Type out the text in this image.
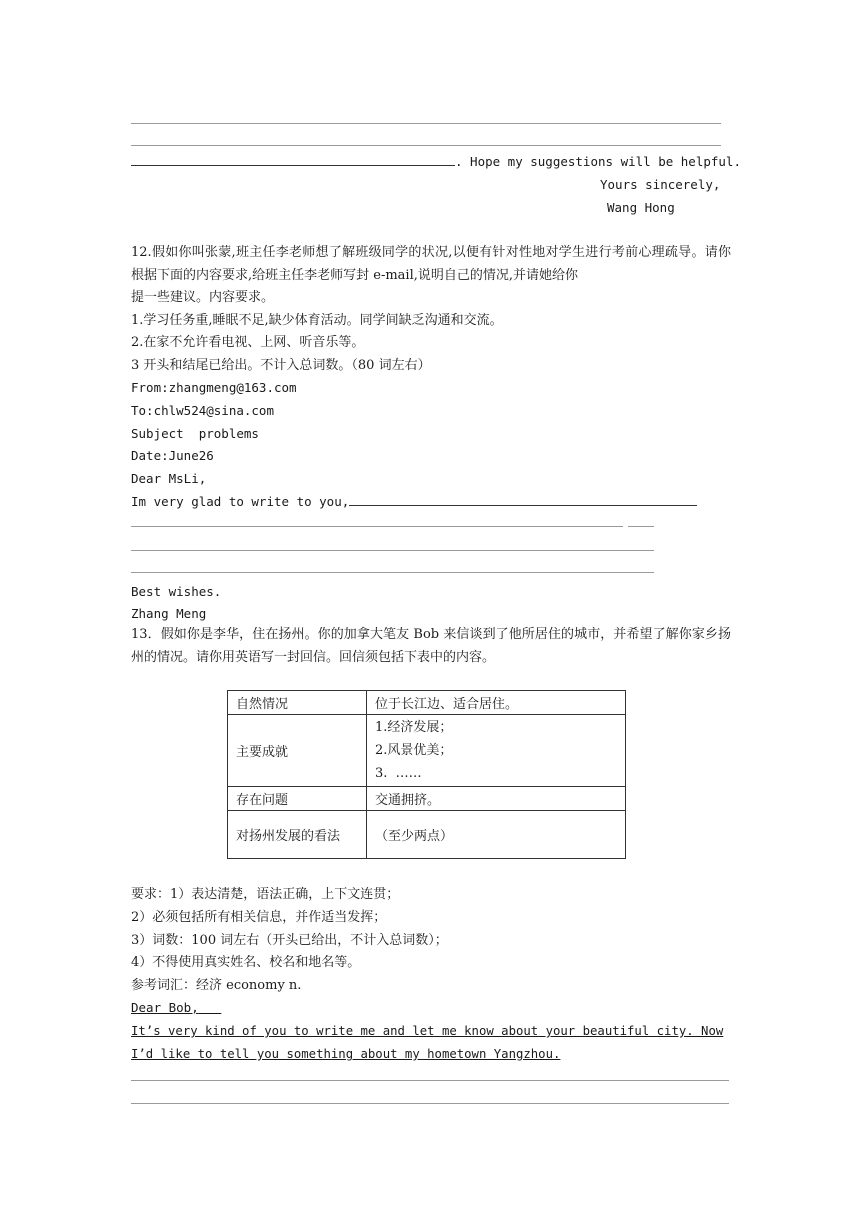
. Hope my suggestions will be helpful.
Yours sincerely,
Wang Hong
12.假如你叫张蒙,班主任李老师想了解班级同学的状况,以便有针对性地对学生进行考前心理疏导。请你根据下面的内容要求,给班主任李老师写封 e-mail,说明自己的情况,并请她给你
提一些建议。内容要求。
1.学习任务重,睡眠不足,缺少体育活动。同学间缺乏沟通和交流。
2.在家不允许看电视、上网、听音乐等。
3 开头和结尾已给出。不计入总词数。（80 词左右）
From:zhangmeng@163.com
To:chlw524@sina.com
Subject  problems
Date:June26
Dear MsLi,
Im very glad to write to you,
Best wishes.
Zhang Meng
13．假如你是李华，住在扬州。你的加拿大笔友 Bob 来信谈到了他所居住的城市，并希望了解你家乡扬州的情况。请你用英语写一封回信。回信须包括下表中的内容。
自然情况	位于长江边、适合居住。
主要成就	1.经济发展；
2.风景优美；
3.  ……

存在问题	交通拥挤。
对扬州发展的看法	（至少两点）
要求：1）表达清楚，语法正确，上下文连贯；
2）必须包括所有相关信息，并作适当发挥；
3）词数：100 词左右（开头已给出，不计入总词数）；
4）不得使用真实姓名、校名和地名等。
参考词汇：经济 economy n.
Dear Bob,
It’s very kind of you to write me and let me know about your beautiful city. Now
I’d like to tell you something about my hometown Yangzhou.
